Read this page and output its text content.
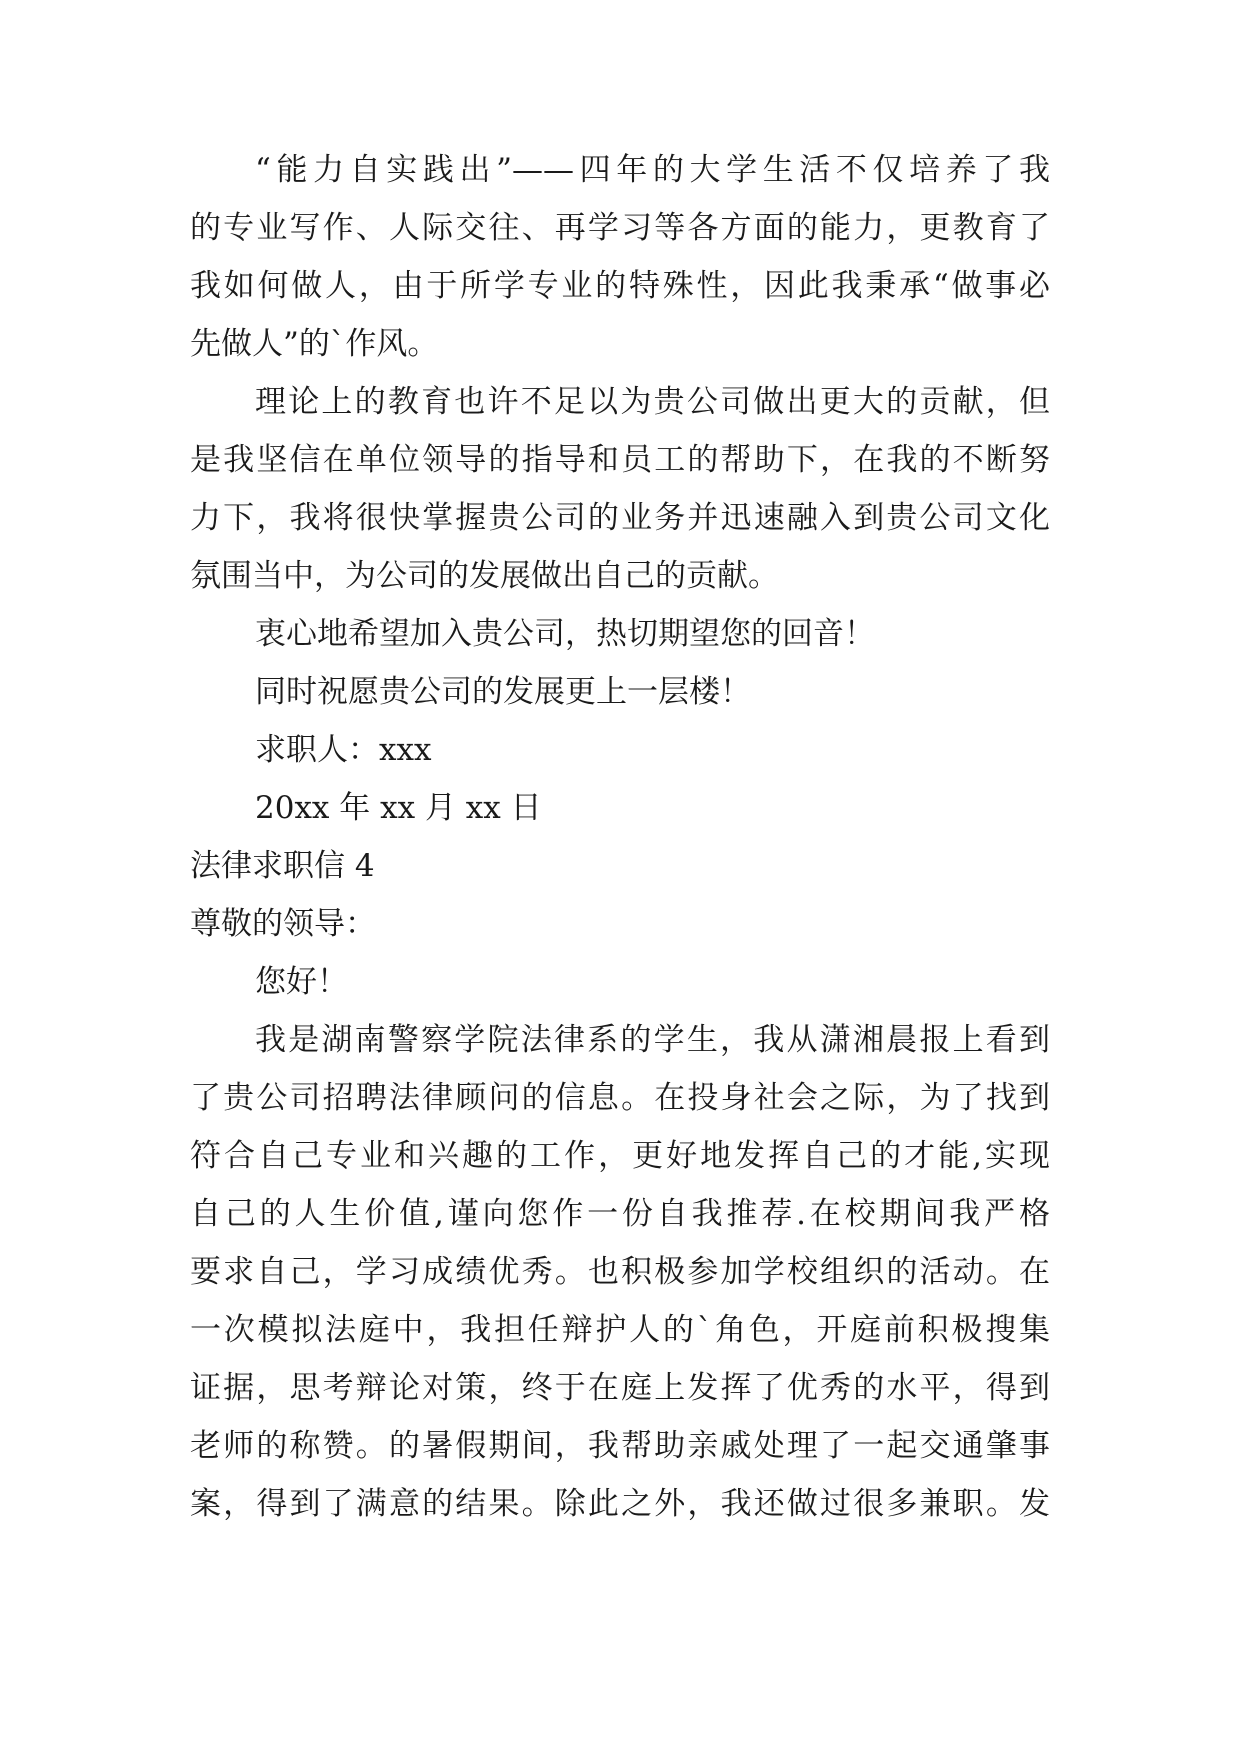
“能力自实践出”——四年的大学生活不仅培养了我
的专业写作、人际交往、再学习等各方面的能力，更教育了
我如何做人，由于所学专业的特殊性，因此我秉承“做事必
先做人”的`作风。
理论上的教育也许不足以为贵公司做出更大的贡献，但
是我坚信在单位领导的指导和员工的帮助下，在我的不断努
力下，我将很快掌握贵公司的业务并迅速融入到贵公司文化
氛围当中，为公司的发展做出自己的贡献。
衷心地希望加入贵公司，热切期望您的回音！
同时祝愿贵公司的发展更上一层楼！
求职人：xxx
20xx 年 xx 月 xx 日
法律求职信 4
尊敬的领导：
您好！
我是湖南警察学院法律系的学生，我从潇湘晨报上看到
了贵公司招聘法律顾问的信息。在投身社会之际，为了找到
符合自己专业和兴趣的工作，更好地发挥自己的才能,实现
自己的人生价值,谨向您作一份自我推荐.在校期间我严格
要求自己，学习成绩优秀。也积极参加学校组织的活动。在
一次模拟法庭中，我担任辩护人的`角色，开庭前积极搜集
证据，思考辩论对策，终于在庭上发挥了优秀的水平，得到
老师的称赞。的暑假期间，我帮助亲戚处理了一起交通肇事
案，得到了满意的结果。除此之外，我还做过很多兼职。发
